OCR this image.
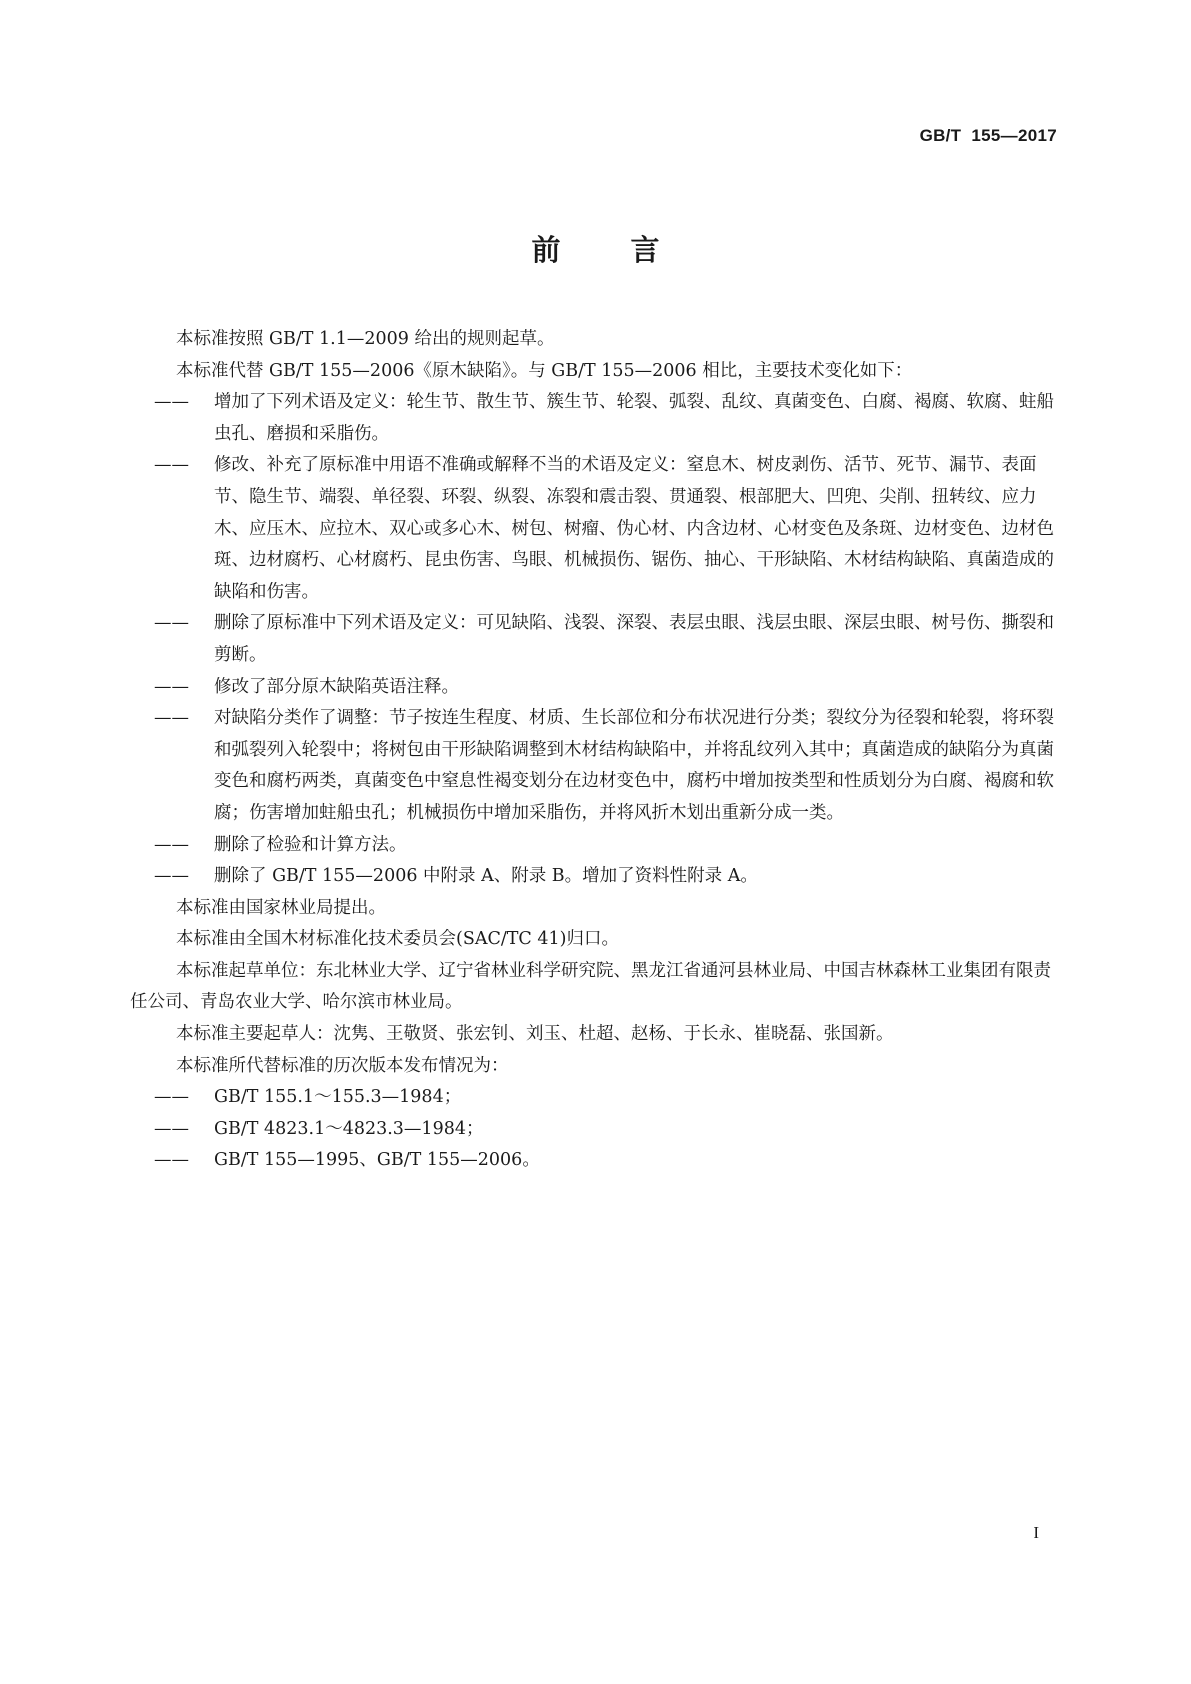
GB/T  155—2017
前 言

本标准按照 GB/T 1.1—2009 给出的规则起草。

本标准代替 GB/T 155—2006《原木缺陷》。与 GB/T 155—2006 相比，主要技术变化如下：

—— 增加了下列术语及定义：轮生节、散生节、簇生节、轮裂、弧裂、乱纹、真菌变色、白腐、褐腐、软腐、蛀船虫孔、磨损和采脂伤。

—— 修改、补充了原标准中用语不准确或解释不当的术语及定义：窒息木、树皮剥伤、活节、死节、漏节、表面节、隐生节、端裂、单径裂、环裂、纵裂、冻裂和震击裂、贯通裂、根部肥大、凹兜、尖削、扭转纹、应力木、应压木、应拉木、双心或多心木、树包、树瘤、伪心材、内含边材、心材变色及条斑、边材变色、边材色斑、边材腐朽、心材腐朽、昆虫伤害、鸟眼、机械损伤、锯伤、抽心、干形缺陷、木材结构缺陷、真菌造成的缺陷和伤害。

—— 删除了原标准中下列术语及定义：可见缺陷、浅裂、深裂、表层虫眼、浅层虫眼、深层虫眼、树号伤、撕裂和剪断。

—— 修改了部分原木缺陷英语注释。

—— 对缺陷分类作了调整：节子按连生程度、材质、生长部位和分布状况进行分类；裂纹分为径裂和轮裂，将环裂和弧裂列入轮裂中；将树包由干形缺陷调整到木材结构缺陷中，并将乱纹列入其中；真菌造成的缺陷分为真菌变色和腐朽两类，真菌变色中窒息性褐变划分在边材变色中，腐朽中增加按类型和性质划分为白腐、褐腐和软腐；伤害增加蛀船虫孔；机械损伤中增加采脂伤，并将风折木划出重新分成一类。

—— 删除了检验和计算方法。

—— 删除了 GB/T 155—2006 中附录 A、附录 B。增加了资料性附录 A。

本标准由国家林业局提出。

本标准由全国木材标准化技术委员会(SAC/TC 41)归口。

本标准起草单位：东北林业大学、辽宁省林业科学研究院、黑龙江省通河县林业局、中国吉林森林工业集团有限责任公司、青岛农业大学、哈尔滨市林业局。

本标准主要起草人：沈隽、王敬贤、张宏钊、刘玉、杜超、赵杨、于长永、崔晓磊、张国新。

本标准所代替标准的历次版本发布情况为：

—— GB/T 155.1～155.3—1984；

—— GB/T 4823.1～4823.3—1984；

—— GB/T 155—1995、GB/T 155—2006。

I
